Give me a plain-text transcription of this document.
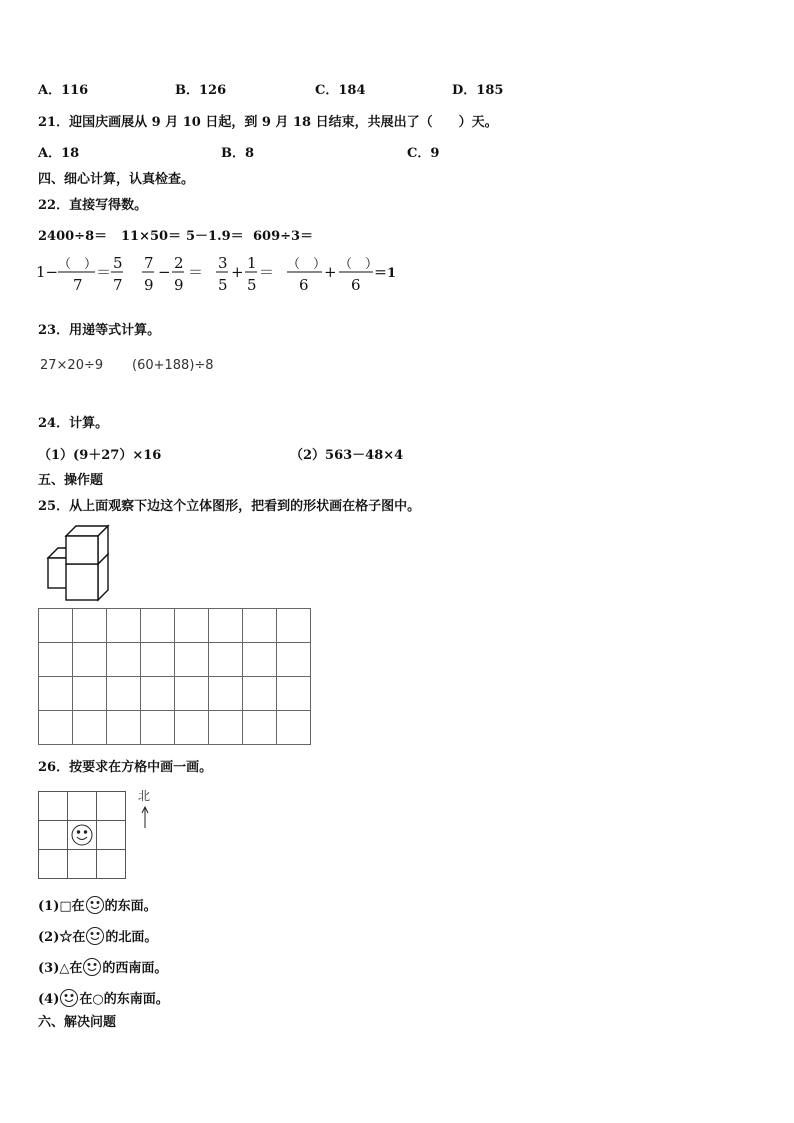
A．116	B．126	C．184	D．185
21．迎国庆画展从 9 月 10 日起，到 9 月 18 日结束，共展出了（　　）天。
A．18	B．8	C．9
四、细心计算，认真检查。
22．直接写得数。
2400÷8＝ 11×50＝ 5－1.9＝ 609÷3＝
1− （　）
7
＝ 5
7
7
9
− 2
9
＝ 3
5
+ 1
5
＝ （　）
6
+ （　）
6
＝1
23．用递等式计算。
27×20÷9 (60+188)÷8
24．计算。
（1）(9＋27）×16	（2）563－48×4
五、操作题
25．从上面观察下边这个立体图形，把看到的形状画在格子图中。
26．按要求在方格中画一画。
北
(1)□在 的东面。
(2)☆在 的北面。
(3)△在 的西南面。
(4) 在○的东南面。
六、解决问题
